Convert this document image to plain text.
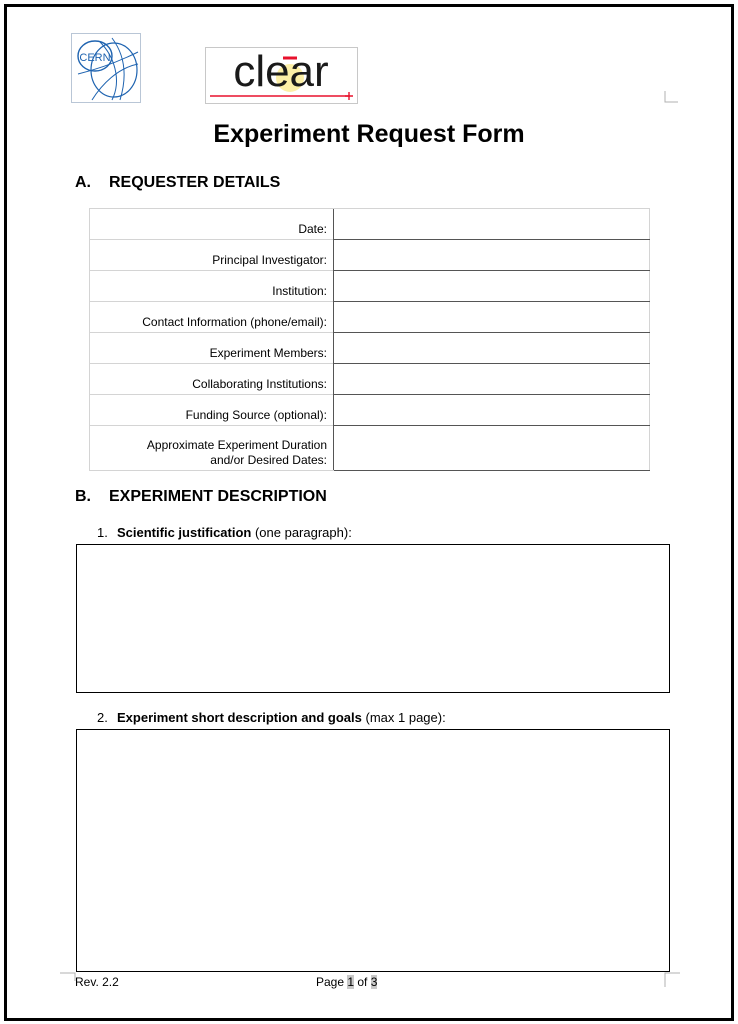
CERN	clear
Experiment Request Form
A. REQUESTER DETAILS
Date:	
Principal Investigator:	
Institution:	
Contact Information (phone/email):	
Experiment Members:	
Collaborating Institutions:	
Funding Source (optional):	
Approximate Experiment Duration
and/or Desired Dates:	
B. EXPERIMENT DESCRIPTION
1. Scientific justification (one paragraph):
2. Experiment short description and goals (max 1 page):
Rev. 2.2	Page 1 of 3
